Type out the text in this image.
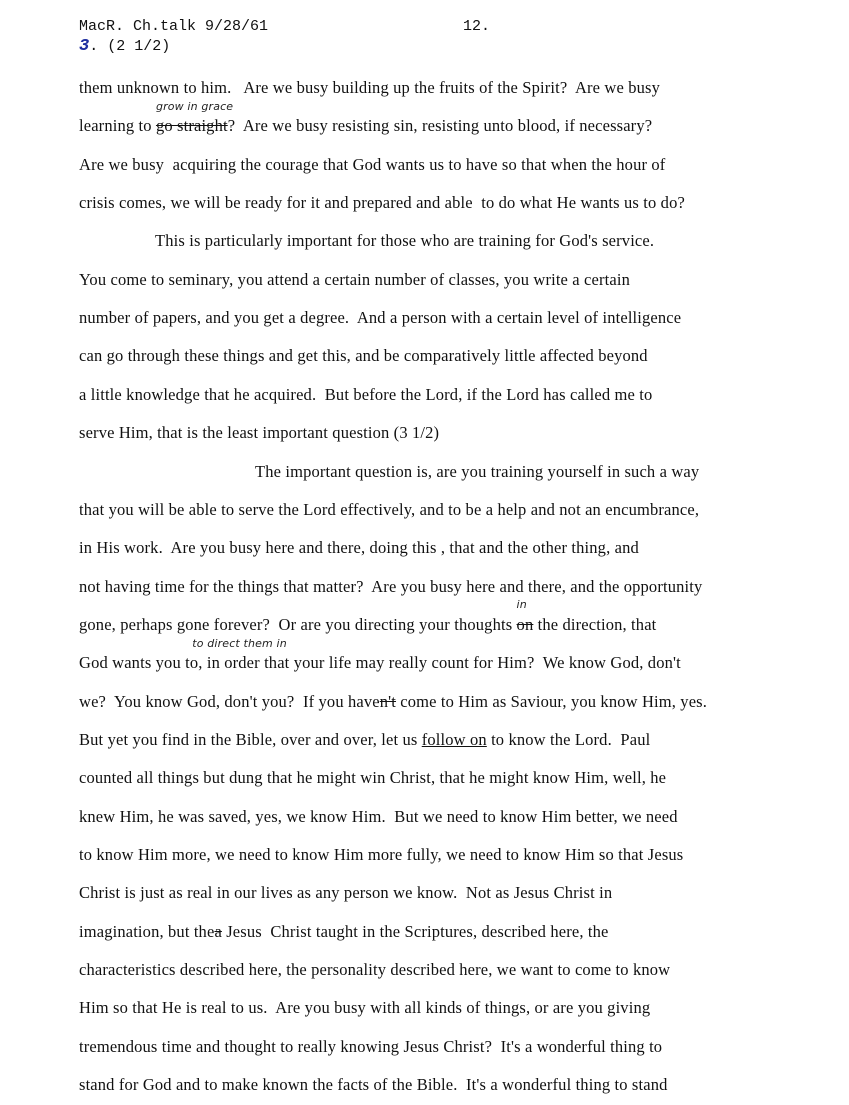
MacR. Ch.talk 9/28/61	12.
3. (2 1/2)
them unknown to him.   Are we busy building up the fruits of the Spirit?  Are we busy
learning to go straight
grow in grace
?  Are we busy resisting sin, resisting unto blood, if necessary?
Are we busy  acquiring the courage that God wants us to have so that when the hour of
crisis comes, we will be ready for it and prepared and able  to do what He wants us to do?
This is particularly important for those who are training for God's service.
You come to seminary, you attend a certain number of classes, you write a certain
number of papers, and you get a degree.  And a person with a certain level of intelligence
can go through these things and get this, and be comparatively little affected beyond
a little knowledge that he acquired.  But before the Lord, if the Lord has called me to
serve Him, that is the least important question (3 1/2)
The important question is, are you training yourself in such a way
that you will be able to serve the Lord effectively, and to be a help and not an encumbrance,
in His work.  Are you busy here and there, doing this , that and the other thing, and
not having time for the things that matter?  Are you busy here and there, and the opportunity
gone, perhaps gone forever?  Or are you directing your thoughts on
in
the direction, that
God wants you to
to direct them in
, in order that your life may really count for Him?  We know God, don't
we?  You know God, don't you?  If you haven't come to Him as Saviour, you know Him, yes.
But yet you find in the Bible, over and over, let us follow on to know the Lord.  Paul
counted all things but dung that he might win Christ, that he might know Him, well, he
knew Him, he was saved, yes, we know Him.  But we need to know Him better, we need
to know Him more, we need to know Him more fully, we need to know Him so that Jesus
Christ is just as real in our lives as any person we know.  Not as Jesus Christ in
imagination, but thea Jesus  Christ taught in the Scriptures, described here, the
characteristics described here, the personality described here, we want to come to know
Him so that He is real to us.  Are you busy with all kinds of things, or are you giving
tremendous time and thought to really knowing Jesus Christ?  It's a wonderful thing to
stand for God and to make known the facts of the Bible.  It's a wonderful thing to stand
